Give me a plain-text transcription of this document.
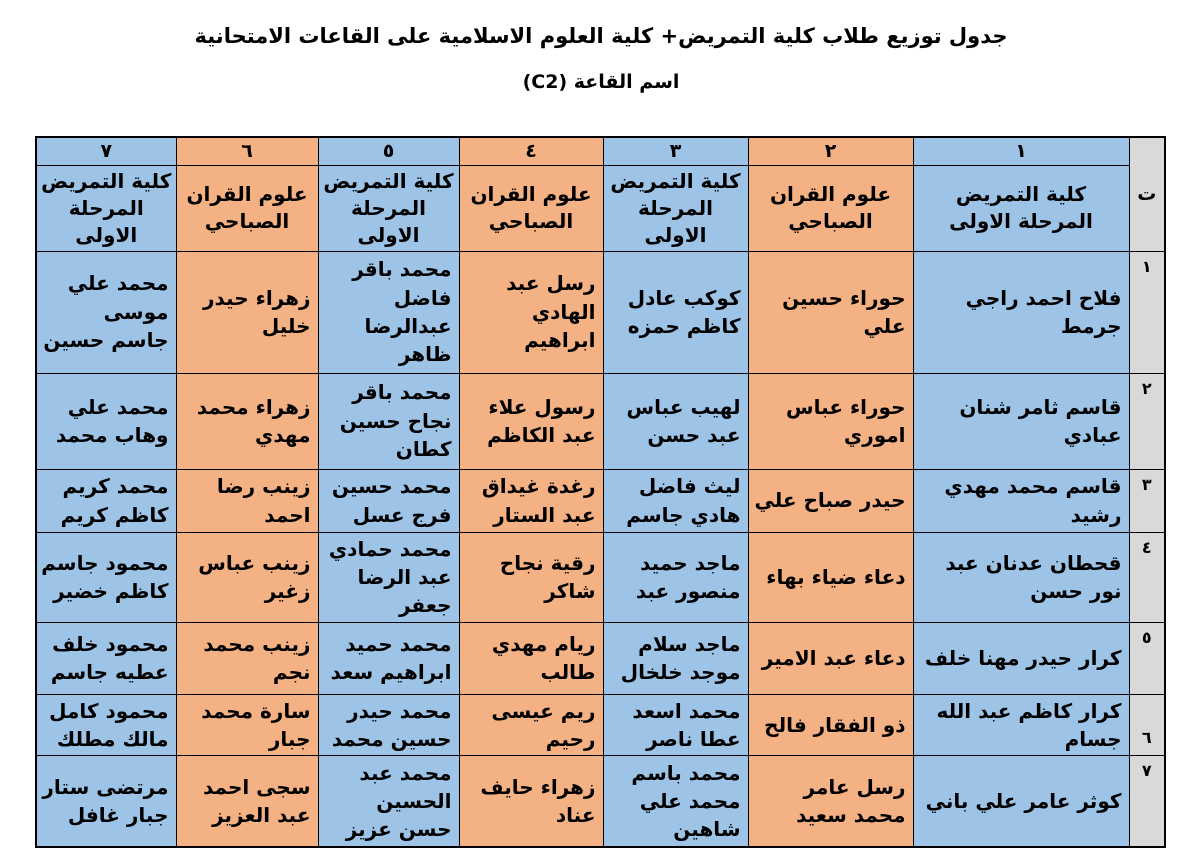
جدول توزيع طلاب كلية التمريض+ كلية العلوم الاسلامية على القاعات الامتحانية
اسم القاعة (C2)
ت	١	٢	٣	٤	٥	٦	٧
	كلية التمريض المرحلة الاولى	علوم القران الصباحي	كلية التمريض المرحلة الاولى	علوم القران الصباحي	كلية التمريض المرحلة الاولى	علوم القران الصباحي	كلية التمريض المرحلة الاولى
١	فلاح احمد راجي جرمط	حوراء حسين علي	كوكب عادل كاظم حمزه	رسل عبد الهادي ابراهيم	محمد باقر فاضل عبدالرضا ظاهر	زهراء حيدر خليل	محمد علي موسى جاسم حسين
٢	قاسم ثامر شنان عبادي	حوراء عباس اموري	لهيب عباس عبد حسن	رسول علاء عبد الكاظم	محمد باقر نجاح حسين كطان	زهراء محمد مهدي	محمد علي وهاب محمد
٣	قاسم محمد مهدي رشيد	حيدر صباح علي	ليث فاضل هادي جاسم	رغدة غيداق عبد الستار	محمد حسين فرج عسل	زينب رضا احمد	محمد كريم كاظم كريم
٤	قحطان عدنان عبد نور حسن	دعاء ضياء بهاء	ماجد حميد منصور عبد	رقية نجاح شاكر	محمد حمادي عبد الرضا جعفر	زينب عباس زغير	محمود جاسم كاظم خضير
٥	كرار حيدر مهنا خلف	دعاء عبد الامير	ماجد سلام موجد خلخال	ريام مهدي طالب	محمد حميد ابراهيم سعد	زينب محمد نجم	محمود خلف عطيه جاسم
٦	كرار كاظم عبد الله جسام	ذو الفقار فالح	محمد اسعد عطا ناصر	ريم عيسى رحيم	محمد حيدر حسين محمد	سارة محمد جبار	محمود كامل مالك مطلك
٧	كوثر عامر علي باني	رسل عامر محمد سعيد	محمد باسم محمد علي شاهين	زهراء حايف عناد	محمد عبد الحسين حسن عزيز	سجى احمد عبد العزيز	مرتضى ستار جبار غافل
